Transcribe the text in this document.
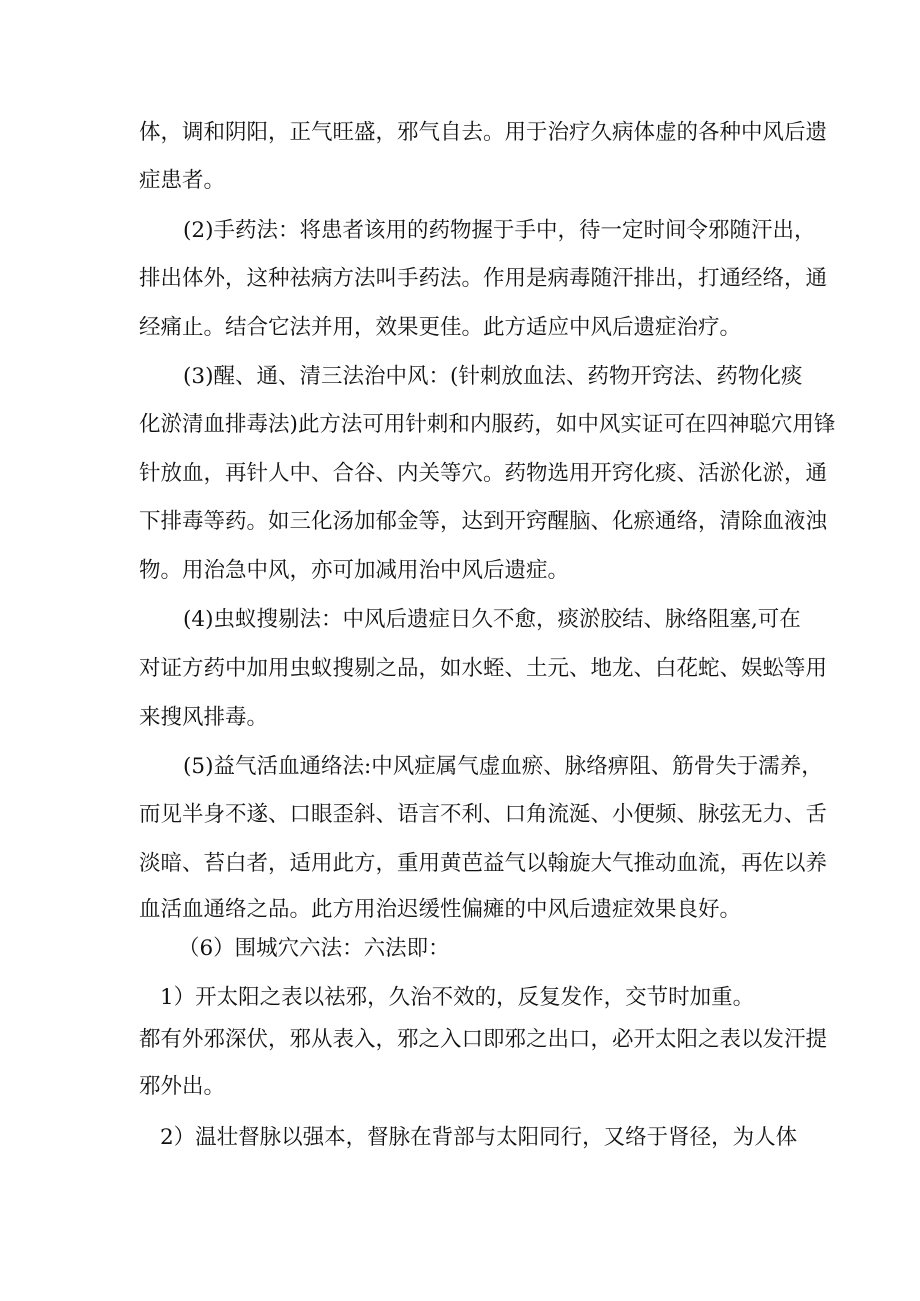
体，调和阴阳，正气旺盛，邪气自去。用于治疗久病体虚的各种中风后遗
症患者。
(2)手药法：将患者该用的药物握于手中，待一定时间令邪随汗出，
排出体外，这种祛病方法叫手药法。作用是病毒随汗排出，打通经络，通
经痛止。结合它法并用，效果更佳。此方适应中风后遗症治疗。
(3)醒、通、清三法治中风：(针刺放血法、药物开窍法、药物化痰
化淤清血排毒法)此方法可用针刺和内服药，如中风实证可在四神聪穴用锋
针放血，再针人中、合谷、内关等穴。药物选用开窍化痰、活淤化淤，通
下排毒等药。如三化汤加郁金等，达到开窍醒脑、化瘀通络，清除血液浊
物。用治急中风，亦可加减用治中风后遗症。
(4)虫蚁搜剔法：中风后遗症日久不愈，痰淤胶结、脉络阻塞,可在
对证方药中加用虫蚁搜剔之品，如水蛭、土元、地龙、白花蛇、娱蚣等用
来搜风排毒。
(5)益气活血通络法:中风症属气虚血瘀、脉络痹阻、筋骨失于濡养，
而见半身不遂、口眼歪斜、语言不利、口角流涎、小便频、脉弦无力、舌
淡暗、苔白者，适用此方，重用黄芭益气以翰旋大气推动血流，再佐以养
血活血通络之品。此方用治迟缓性偏瘫的中风后遗症效果良好。
（6）围城穴六法：六法即：
1）开太阳之表以祛邪，久治不效的，反复发作，交节时加重。
都有外邪深伏，邪从表入，邪之入口即邪之出口，必开太阳之表以发汗提
邪外出。
2）温壮督脉以强本，督脉在背部与太阳同行，又络于肾径，为人体
